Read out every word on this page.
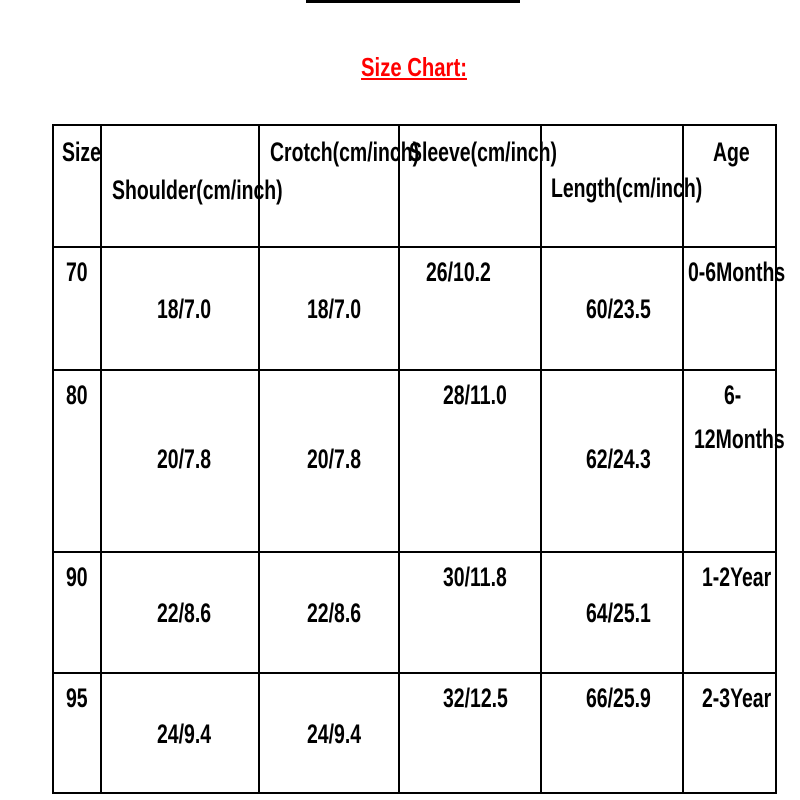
Size Chart:
Size	Shoulder(cm/inch)	Crotch(cm/inch)	Sleeve(cm/inch)	Length(cm/inch)	Age

70	18/7.0	18/7.0	26/10.2	60/23.5	0-6Months

80	20/7.8	20/7.8	28/11.0	62/24.3	6-
12Months

90	22/8.6	22/8.6	30/11.8	64/25.1	1-2Year

95	24/9.4	24/9.4	32/12.5	66/25.9	2-3Year
